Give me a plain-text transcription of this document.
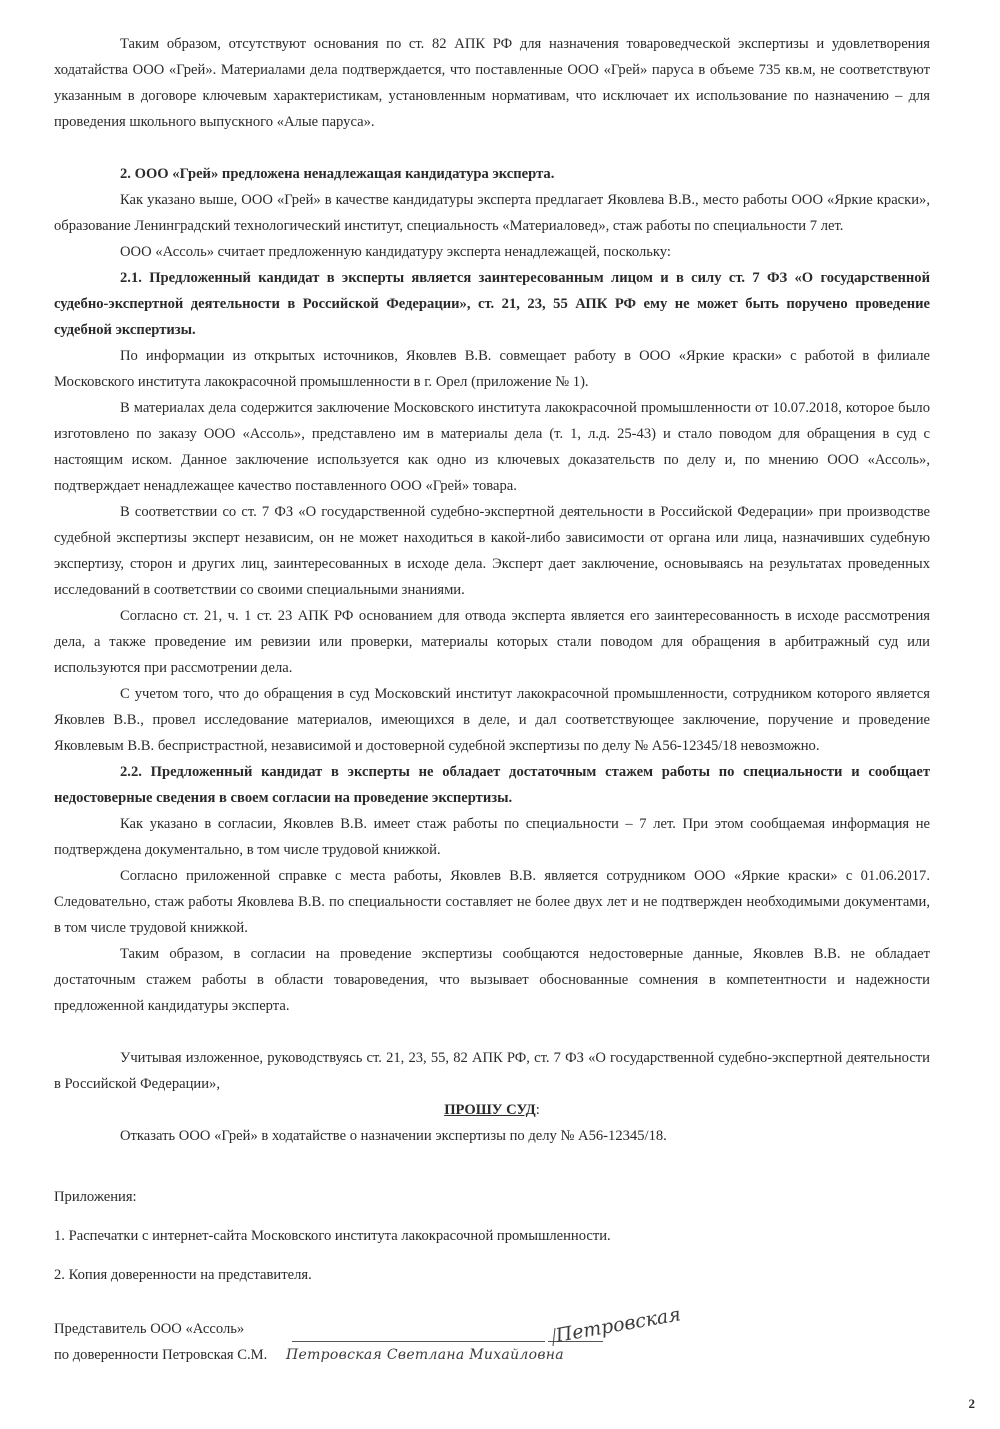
Таким образом, отсутствуют основания по ст. 82 АПК РФ для назначения товароведческой экспертизы и удовлетворения ходатайства ООО «Грей». Материалами дела подтверждается, что поставленные ООО «Грей» паруса в объеме 735 кв.м, не соответствуют указанным в договоре ключевым характеристикам, установленным нормативам, что исключает их использование по назначению – для проведения школьного выпускного «Алые паруса».

2. ООО «Грей» предложена ненадлежащая кандидатура эксперта.

Как указано выше, ООО «Грей» в качестве кандидатуры эксперта предлагает Яковлева В.В., место работы ООО «Яркие краски», образование Ленинградский технологический институт, специальность «Материаловед», стаж работы по специальности 7 лет.

ООО «Ассоль» считает предложенную кандидатуру эксперта ненадлежащей, поскольку:

2.1. Предложенный кандидат в эксперты является заинтересованным лицом и в силу ст. 7 ФЗ «О государственной судебно-экспертной деятельности в Российской Федерации», ст. 21, 23, 55 АПК РФ ему не может быть поручено проведение судебной экспертизы.

По информации из открытых источников, Яковлев В.В. совмещает работу в ООО «Яркие краски» с работой в филиале Московского института лакокрасочной промышленности в г. Орел (приложение № 1).

В материалах дела содержится заключение Московского института лакокрасочной промышленности от 10.07.2018, которое было изготовлено по заказу ООО «Ассоль», представлено им в материалы дела (т. 1, л.д. 25-43) и стало поводом для обращения в суд с настоящим иском. Данное заключение используется как одно из ключевых доказательств по делу и, по мнению ООО «Ассоль», подтверждает ненадлежащее качество поставленного ООО «Грей» товара.

В соответствии со ст. 7 ФЗ «О государственной судебно-экспертной деятельности в Российской Федерации» при производстве судебной экспертизы эксперт независим, он не может находиться в какой-либо зависимости от органа или лица, назначивших судебную экспертизу, сторон и других лиц, заинтересованных в исходе дела. Эксперт дает заключение, основываясь на результатах проведенных исследований в соответствии со своими специальными знаниями.

Согласно ст. 21, ч. 1 ст. 23 АПК РФ основанием для отвода эксперта является его заинтересованность в исходе рассмотрения дела, а также проведение им ревизии или проверки, материалы которых стали поводом для обращения в арбитражный суд или используются при рассмотрении дела.

С учетом того, что до обращения в суд Московский институт лакокрасочной промышленности, сотрудником которого является Яковлев В.В., провел исследование материалов, имеющихся в деле, и дал соответствующее заключение, поручение и проведение Яковлевым В.В. беспристрастной, независимой и достоверной судебной экспертизы по делу № А56-12345/18 невозможно.

2.2. Предложенный кандидат в эксперты не обладает достаточным стажем работы по специальности и сообщает недостоверные сведения в своем согласии на проведение экспертизы.

Как указано в согласии, Яковлев В.В. имеет стаж работы по специальности – 7 лет. При этом сообщаемая информация не подтверждена документально, в том числе трудовой книжкой.

Согласно приложенной справке с места работы, Яковлев В.В. является сотрудником ООО «Яркие краски» с 01.06.2017. Следовательно, стаж работы Яковлева В.В. по специальности составляет не более двух лет и не подтвержден необходимыми документами, в том числе трудовой книжкой.

Таким образом, в согласии на проведение экспертизы сообщаются недостоверные данные, Яковлев В.В. не обладает достаточным стажем работы в области товароведения, что вызывает обоснованные сомнения в компетентности и надежности предложенной кандидатуры эксперта.

Учитывая изложенное, руководствуясь ст. 21, 23, 55, 82 АПК РФ, ст. 7 ФЗ «О государственной судебно-экспертной деятельности в Российской Федерации»,

ПРОШУ СУД:

Отказать ООО «Грей» в ходатайстве о назначении экспертизы по делу № А56-12345/18.

Приложения:

1. Распечатки с интернет-сайта Московского института лакокрасочной промышленности.

2. Копия доверенности на представителя.

Представитель ООО «Ассоль»
по доверенности Петровская С.М. Петровская Светлана Михайловна
Петровская
2
